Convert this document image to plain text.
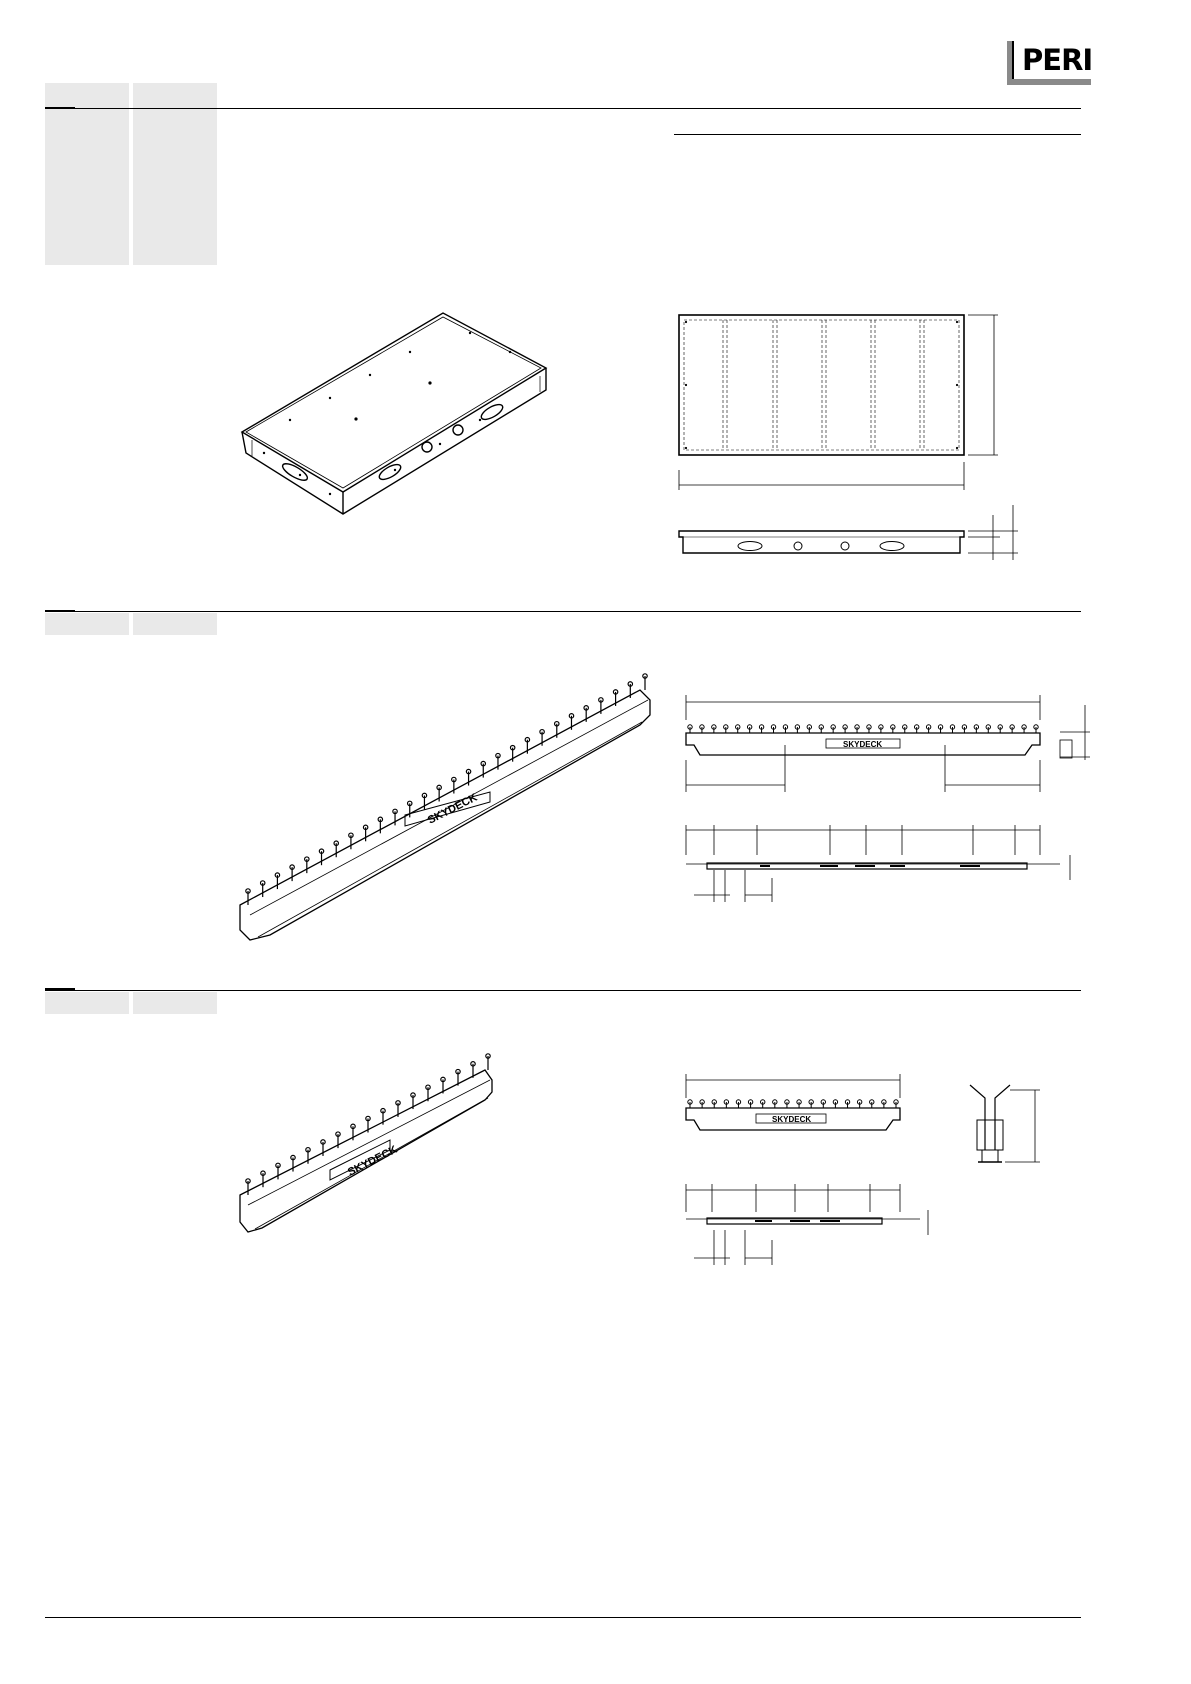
PERI
SKYDECK
SKYDECK
SKYDECK
SKYDECK
